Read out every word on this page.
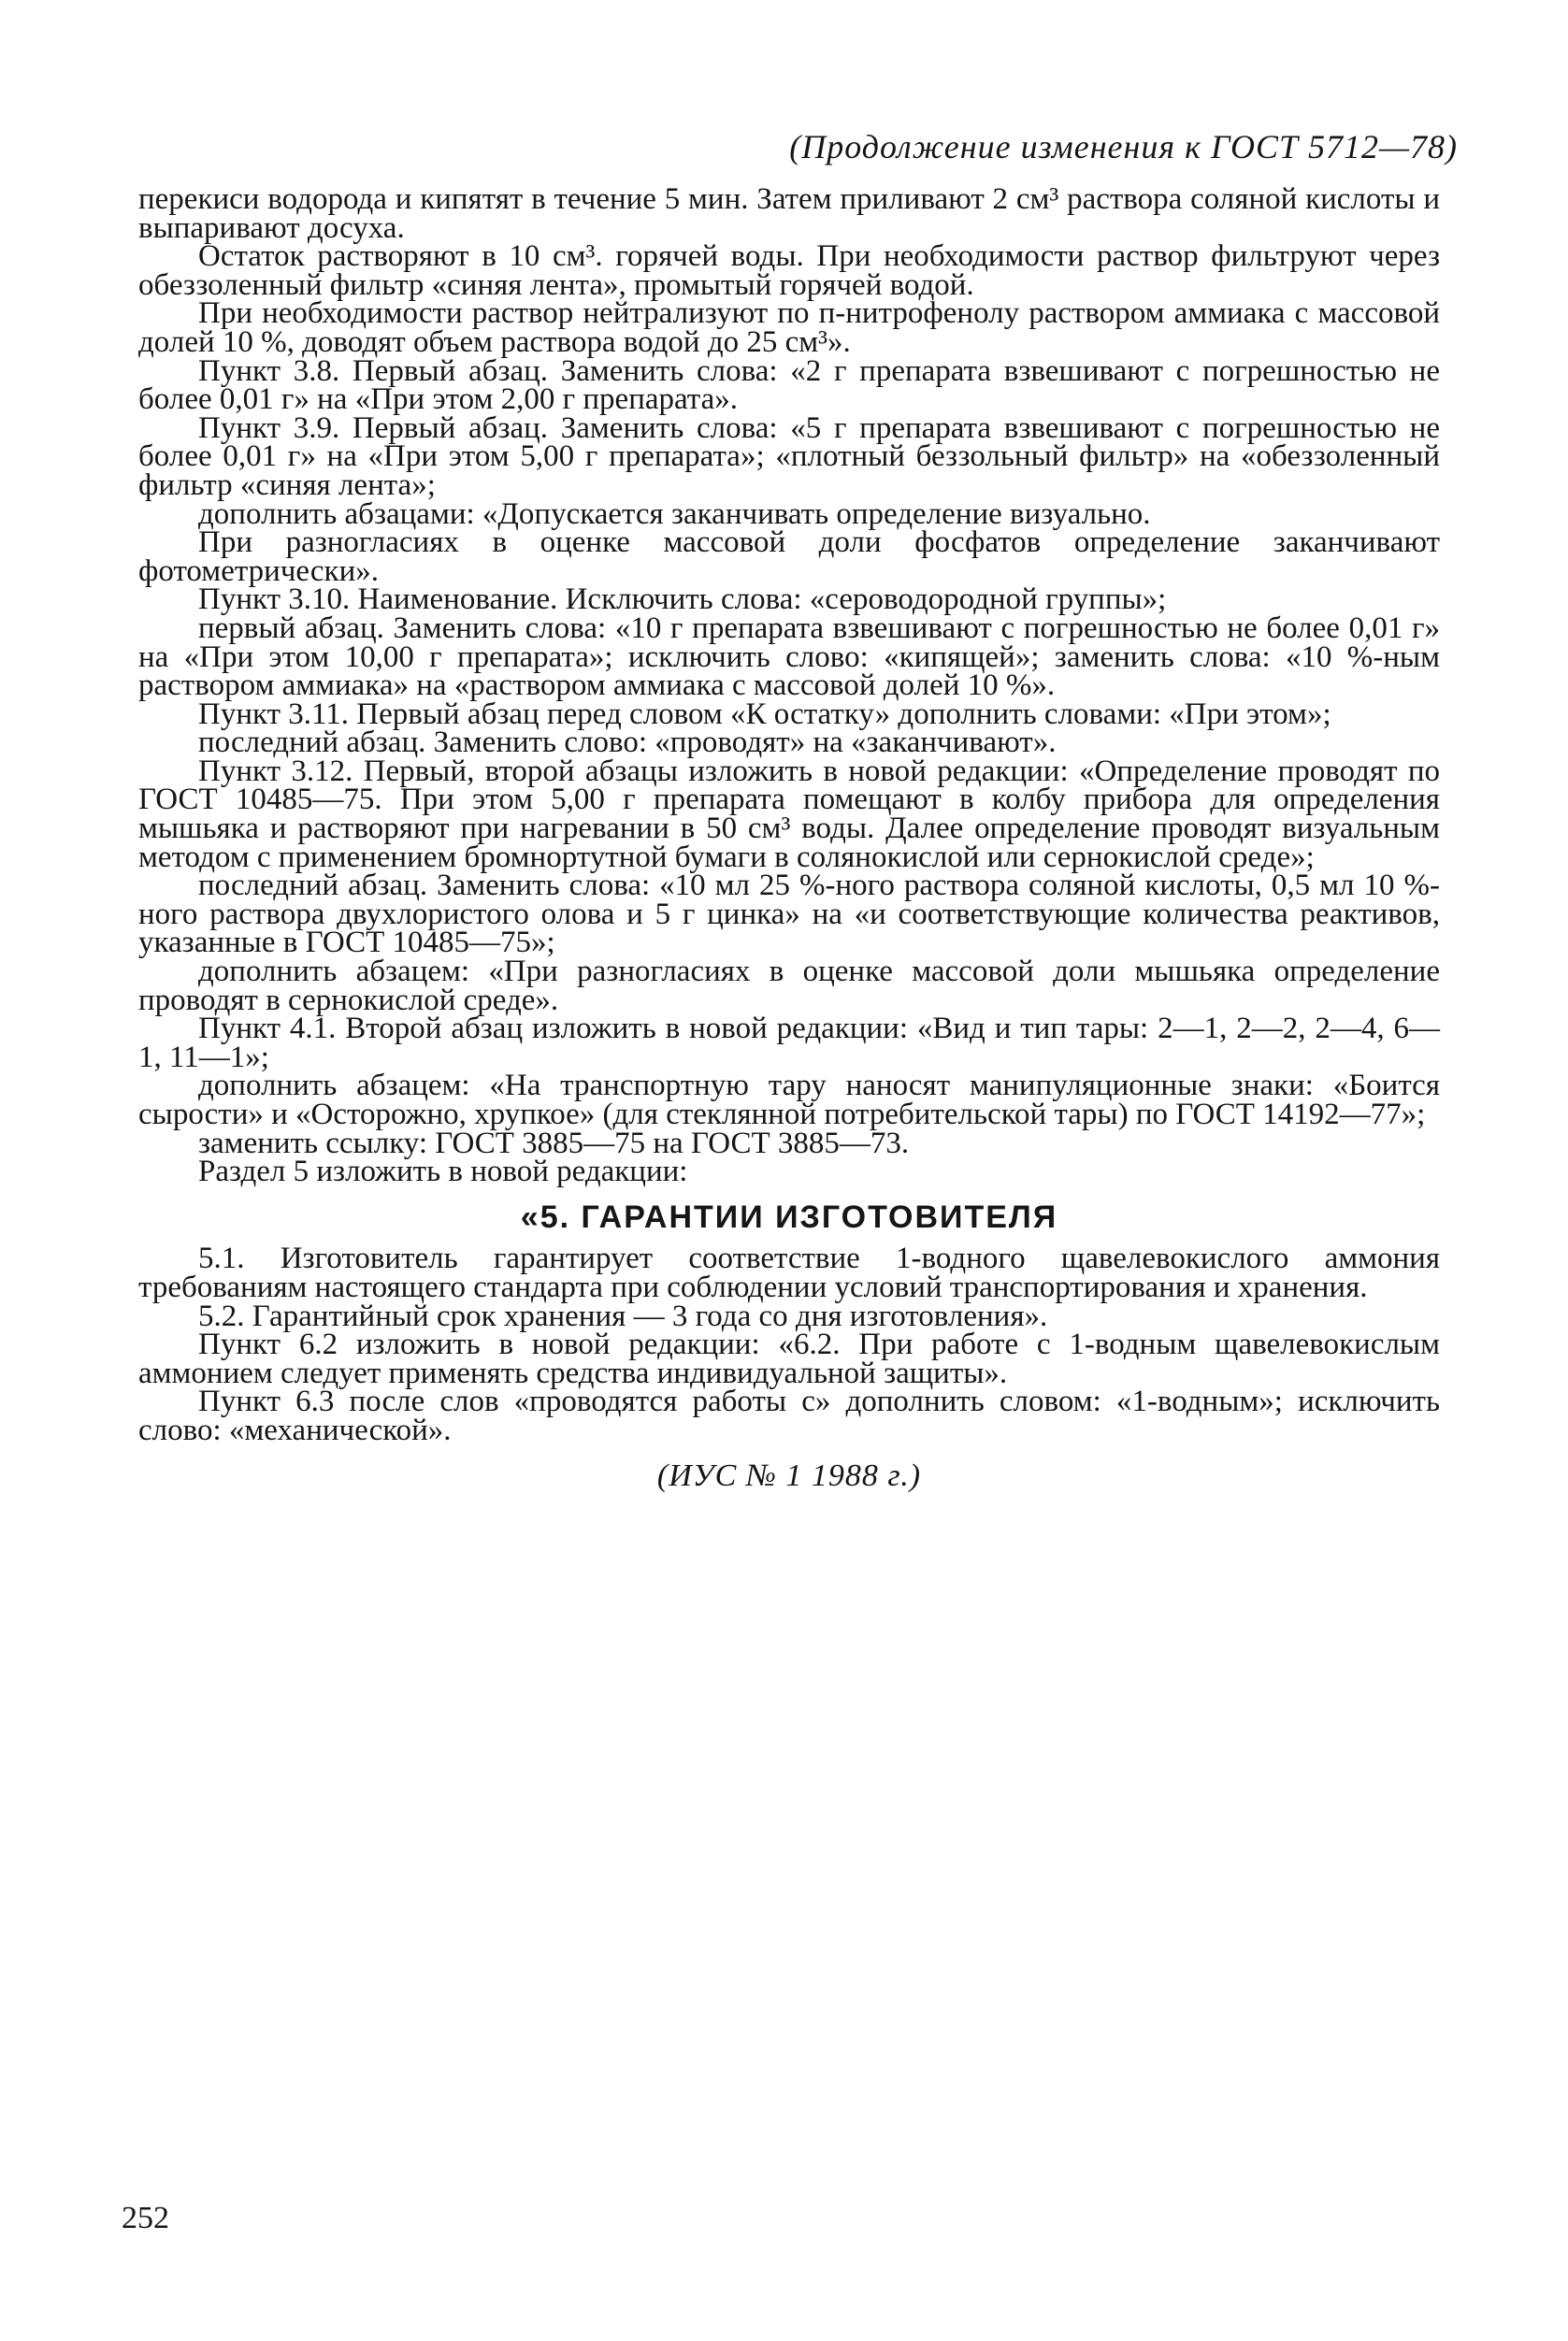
(Продолжение изменения к ГОСТ 5712—78)

перекиси водорода и кипятят в течение 5 мин. Затем приливают 2 см³ раствора соляной кислоты и выпаривают досуха.

Остаток растворяют в 10 см³. горячей воды. При необходимости раствор фильтруют через обеззоленный фильтр «синяя лента», промытый горячей водой.

При необходимости раствор нейтрализуют по п-нитрофенолу раствором аммиака с массовой долей 10 %, доводят объем раствора водой до 25 см³».

Пункт 3.8. Первый абзац. Заменить слова: «2 г препарата взвешивают с погрешностью не более 0,01 г» на «При этом 2,00 г препарата».

Пункт 3.9. Первый абзац. Заменить слова: «5 г препарата взвешивают с погрешностью не более 0,01 г» на «При этом 5,00 г препарата»; «плотный беззольный фильтр» на «обеззоленный фильтр «синяя лента»;

дополнить абзацами: «Допускается заканчивать определение визуально.

При разногласиях в оценке массовой доли фосфатов определение заканчивают фотометрически».

Пункт 3.10. Наименование. Исключить слова: «сероводородной группы»;

первый абзац. Заменить слова: «10 г препарата взвешивают с погрешностью не более 0,01 г» на «При этом 10,00 г препарата»; исключить слово: «кипящей»; заменить слова: «10 %-ным раствором аммиака» на «раствором аммиака с массовой долей 10 %».

Пункт 3.11. Первый абзац перед словом «К остатку» дополнить словами: «При этом»;

последний абзац. Заменить слово: «проводят» на «заканчивают».

Пункт 3.12. Первый, второй абзацы изложить в новой редакции: «Определение проводят по ГОСТ 10485—75. При этом 5,00 г препарата помещают в колбу прибора для определения мышьяка и растворяют при нагревании в 50 см³ воды. Далее определение проводят визуальным методом с применением бромнортутной бумаги в солянокислой или сернокислой среде»;

последний абзац. Заменить слова: «10 мл 25 %-ного раствора соляной кислоты, 0,5 мл 10 %-ного раствора двухлористого олова и 5 г цинка» на «и соответствующие количества реактивов, указанные в ГОСТ 10485—75»;

дополнить абзацем: «При разногласиях в оценке массовой доли мышьяка определение проводят в сернокислой среде».

Пункт 4.1. Второй абзац изложить в новой редакции: «Вид и тип тары: 2—1, 2—2, 2—4, 6—1, 11—1»;

дополнить абзацем: «На транспортную тару наносят манипуляционные знаки: «Боится сырости» и «Осторожно, хрупкое» (для стеклянной потребительской тары) по ГОСТ 14192—77»;

заменить ссылку: ГОСТ 3885—75 на ГОСТ 3885—73.

Раздел 5 изложить в новой редакции:

«5. ГАРАНТИИ ИЗГОТОВИТЕЛЯ

5.1. Изготовитель гарантирует соответствие 1-водного щавелевокислого аммония требованиям настоящего стандарта при соблюдении условий транспортирования и хранения.

5.2. Гарантийный срок хранения — 3 года со дня изготовления».

Пункт 6.2 изложить в новой редакции: «6.2. При работе с 1-водным щавелевокислым аммонием следует применять средства индивидуальной защиты».

Пункт 6.3 после слов «проводятся работы с» дополнить словом: «1-водным»; исключить слово: «механической».

(ИУС № 1 1988 г.)

252
